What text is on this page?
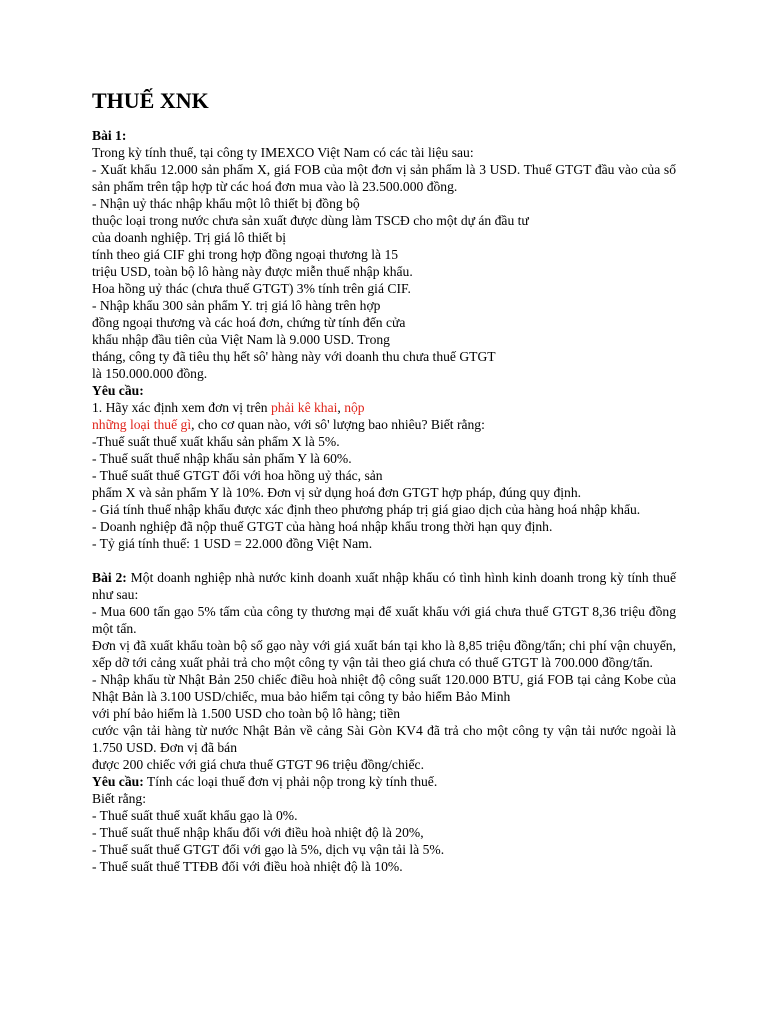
THUẾ XNK

Bài 1:

Trong kỳ tính thuế, tại công ty IMEXCO Việt Nam có các tài liệu sau:

- Xuất khẩu 12.000 sản phẩm X, giá FOB của một đơn vị sản phẩm là 3 USD. Thuế GTGT đầu vào của số sản phẩm trên tập hợp từ các hoá đơn mua vào là 23.500.000 đồng.

- Nhận uỷ thác nhập khẩu một lô thiết bị đồng bộ

thuộc loại trong nước chưa sản xuất được dùng làm TSCĐ cho một dự án đầu tư

của doanh nghiệp. Trị giá lô thiết bị

tính theo giá CIF ghi trong hợp đồng ngoại thương là 15

triệu USD, toàn bộ lô hàng này được miễn thuế nhập khẩu.

Hoa hồng uỷ thác (chưa thuế GTGT) 3% tính trên giá CIF.

- Nhập khẩu 300 sản phẩm Y. trị giá lô hàng trên hợp

đồng ngoại thương và các hoá đơn, chứng từ tính đến cửa

khẩu nhập đầu tiên của Việt Nam là 9.000 USD. Trong

tháng, công ty đã tiêu thụ hết sô' hàng này với doanh thu chưa thuế GTGT

là 150.000.000 đồng.

Yêu cầu:

1. Hãy xác định xem đơn vị trên phải kê khai, nộp
những loại thuế gì, cho cơ quan nào, với sô' lượng bao nhiêu? Biết rằng:

-Thuế suất thuế xuất khẩu sản phẩm X là 5%.

- Thuế suất thuế nhập khẩu sản phẩm Y là 60%.

- Thuế suất thuế GTGT đối với hoa hồng uỷ thác, sản

phẩm X và sản phẩm Y là 10%. Đơn vị sử dụng hoá đơn GTGT hợp pháp, đúng quy định.

- Giá tính thuế nhập khẩu được xác định theo phương pháp trị giá giao dịch của hàng hoá nhập khẩu.

- Doanh nghiệp đã nộp thuế GTGT của hàng hoá nhập khẩu trong thời hạn quy định.

- Tỷ giá tính thuế: 1 USD = 22.000 đồng Việt Nam.

Bài 2: Một doanh nghiệp nhà nước kinh doanh xuất nhập khẩu có tình hình kinh doanh trong kỳ tính thuế như sau:

- Mua 600 tấn gạo 5% tấm của công ty thương mại để xuất khẩu với giá chưa thuế GTGT 8,36 triệu đồng một tấn.

Đơn vị đã xuất khẩu toàn bộ số gạo này với giá xuất bán tại kho là 8,85 triệu đồng/tấn; chi phí vận chuyển, xếp dỡ tới cảng xuất phải trả cho một công ty vận tải theo giá chưa có thuế GTGT là 700.000 đồng/tấn.

- Nhập khẩu từ Nhật Bản 250 chiếc điều hoà nhiệt độ công suất 120.000 BTU, giá FOB tại cảng Kobe của Nhật Bản là 3.100 USD/chiếc, mua bảo hiểm tại công ty bảo hiểm Bảo Minh

với phí bảo hiểm là 1.500 USD cho toàn bộ lô hàng; tiền

cước vận tải hàng từ nước Nhật Bản về cảng Sài Gòn KV4 đã trả cho một công ty vận tải nước ngoài là 1.750 USD. Đơn vị đã bán

được 200 chiếc với giá chưa thuế GTGT 96 triệu đồng/chiếc.

Yêu cầu: Tính các loại thuế đơn vị phải nộp trong kỳ tính thuế.

Biết rằng:

- Thuế suất thuế xuất khẩu gạo là 0%.

- Thuế suất thuế nhập khẩu đối với điều hoà nhiệt độ là 20%,

- Thuế suất thuế GTGT đối với gạo là 5%, dịch vụ vận tải là 5%.

- Thuế suất thuế TTĐB đối với điều hoà nhiệt độ là 10%.
